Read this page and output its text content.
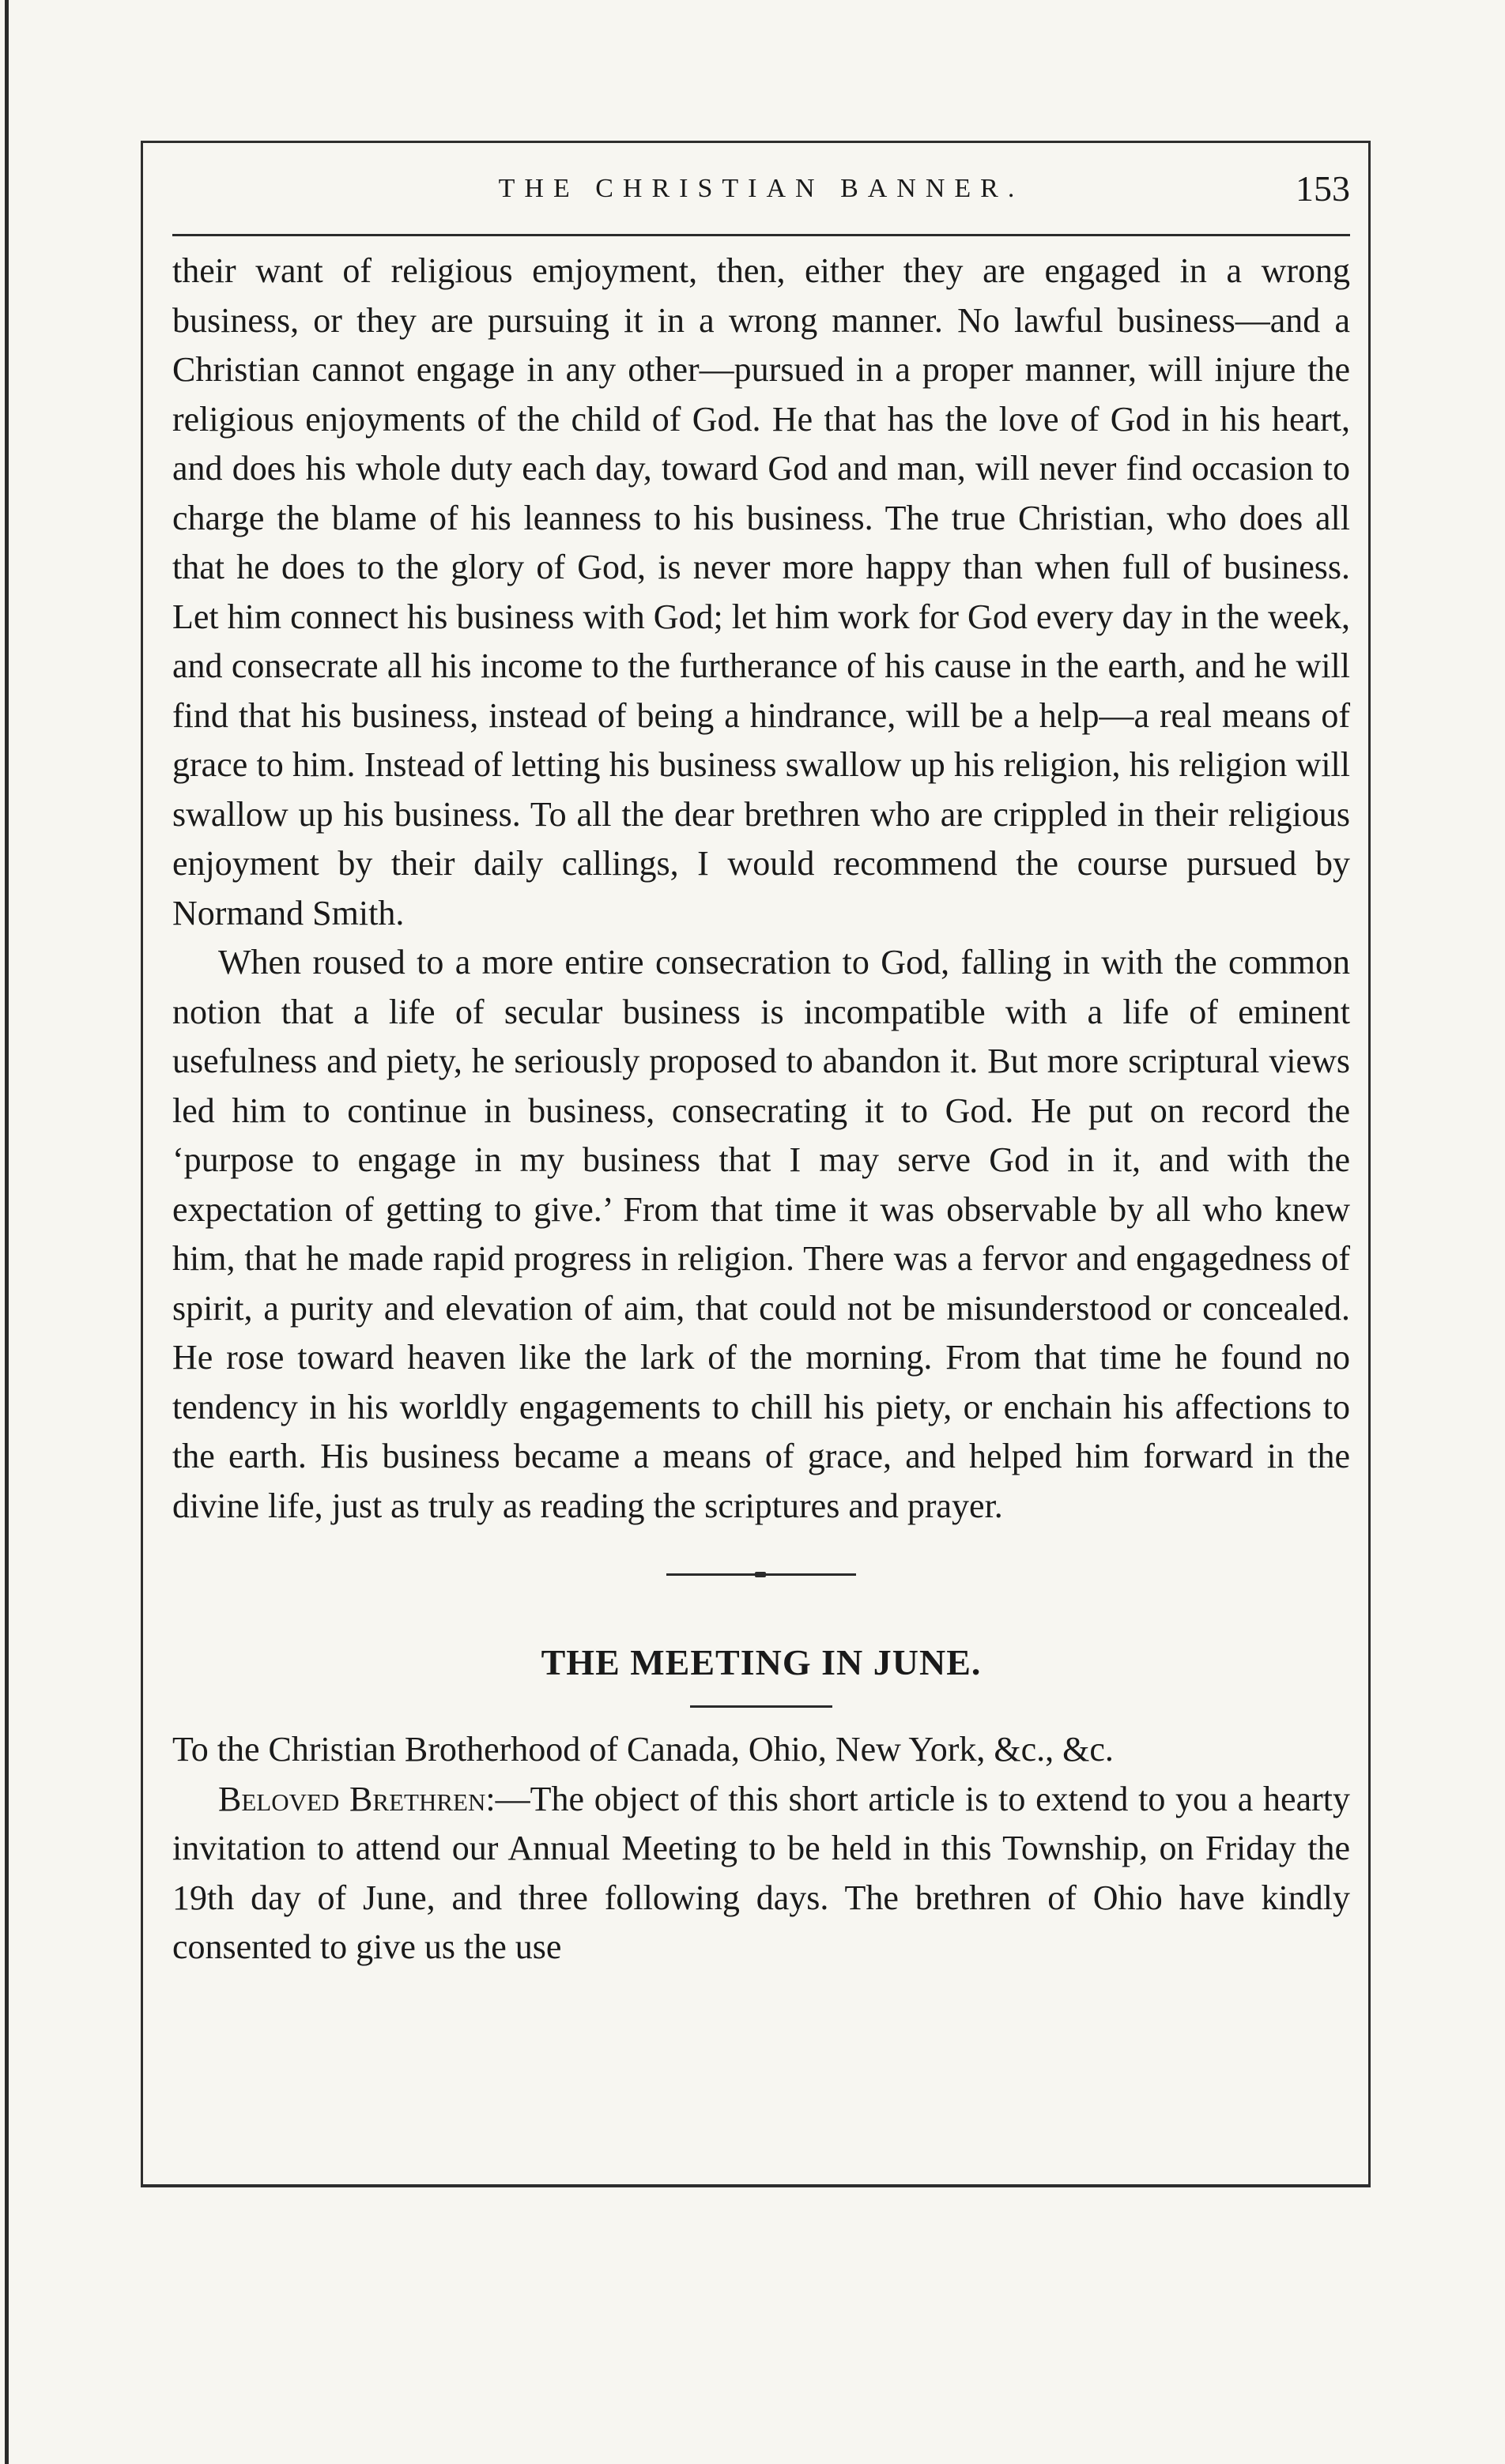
THE CHRISTIAN BANNER.	153

their want of religious emjoyment, then, either they are engaged in a wrong business, or they are pursuing it in a wrong manner. No lawful business—and a Christian cannot engage in any other—pursued in a proper manner, will injure the religious enjoyments of the child of God. He that has the love of God in his heart, and does his whole duty each day, toward God and man, will never find occasion to charge the blame of his leanness to his business. The true Christian, who does all that he does to the glory of God, is never more happy than when full of business. Let him connect his business with God; let him work for God every day in the week, and consecrate all his income to the furtherance of his cause in the earth, and he will find that his business, instead of being a hindrance, will be a help—a real means of grace to him. Instead of letting his business swallow up his religion, his religion will swallow up his business. To all the dear brethren who are crippled in their religious enjoyment by their daily callings, I would recommend the course pursued by Normand Smith.

When roused to a more entire consecration to God, falling in with the common notion that a life of secular business is incompatible with a life of eminent usefulness and piety, he seriously proposed to abandon it. But more scriptural views led him to continue in business, consecrating it to God. He put on record the ‘purpose to engage in my business that I may serve God in it, and with the expectation of getting to give.’ From that time it was observable by all who knew him, that he made rapid progress in religion. There was a fervor and engagedness of spirit, a purity and elevation of aim, that could not be misunderstood or concealed. He rose toward heaven like the lark of the morning. From that time he found no tendency in his worldly engagements to chill his piety, or enchain his affections to the earth. His business became a means of grace, and helped him forward in the divine life, just as truly as reading the scriptures and prayer.

THE MEETING IN JUNE.

To the Christian Brotherhood of Canada, Ohio, New York, &c., &c.

Beloved Brethren:—The object of this short article is to extend to you a hearty invitation to attend our Annual Meeting to be held in this Township, on Friday the 19th day of June, and three following days. The brethren of Ohio have kindly consented to give us the use
